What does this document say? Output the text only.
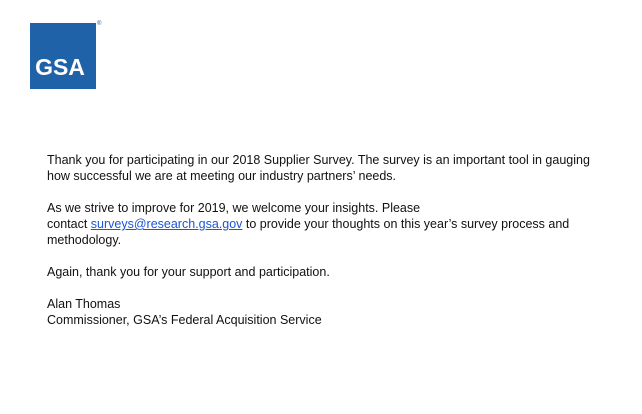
GSA
®

Thank you for participating in our 2018 Supplier Survey. The survey is an important tool in gauging how successful we are at meeting our industry partners’ needs.

As we strive to improve for 2019, we welcome your insights. Please
contact surveys@research.gsa.gov to provide your thoughts on this year’s survey process and methodology.

Again, thank you for your support and participation.

Alan Thomas

Commissioner, GSA’s Federal Acquisition Service
